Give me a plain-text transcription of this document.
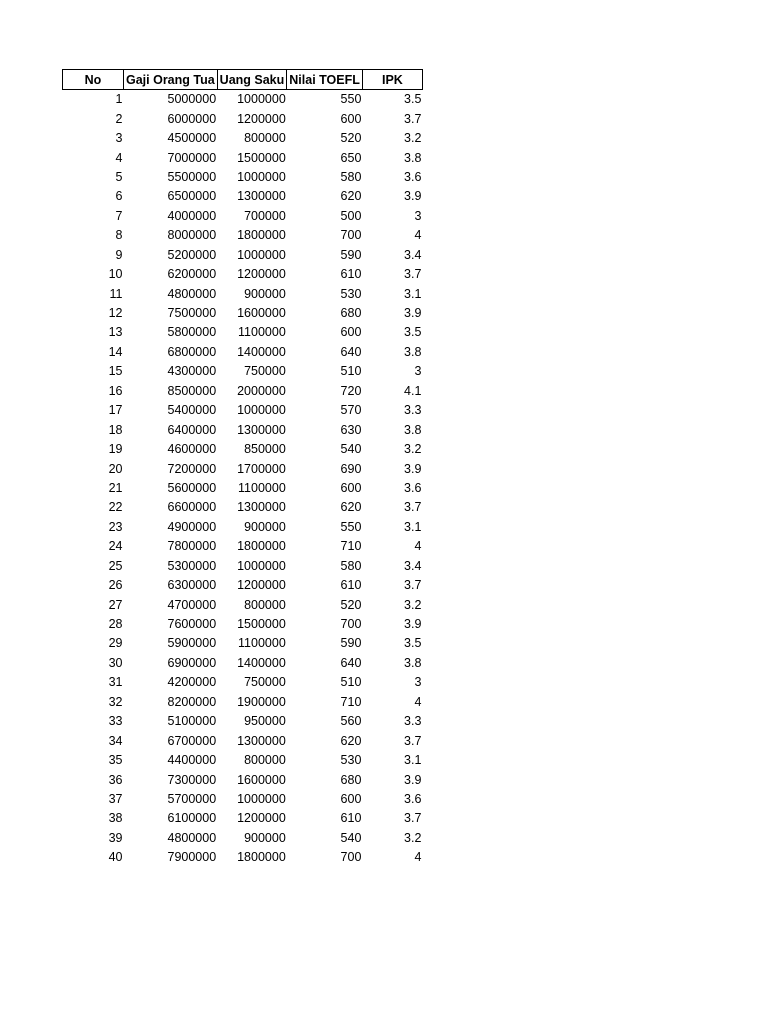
No	Gaji Orang Tua	Uang Saku	Nilai TOEFL	IPK
1	5000000	1000000	550	3.5
2	6000000	1200000	600	3.7
3	4500000	800000	520	3.2
4	7000000	1500000	650	3.8
5	5500000	1000000	580	3.6
6	6500000	1300000	620	3.9
7	4000000	700000	500	3
8	8000000	1800000	700	4
9	5200000	1000000	590	3.4
10	6200000	1200000	610	3.7
11	4800000	900000	530	3.1
12	7500000	1600000	680	3.9
13	5800000	1100000	600	3.5
14	6800000	1400000	640	3.8
15	4300000	750000	510	3
16	8500000	2000000	720	4.1
17	5400000	1000000	570	3.3
18	6400000	1300000	630	3.8
19	4600000	850000	540	3.2
20	7200000	1700000	690	3.9
21	5600000	1100000	600	3.6
22	6600000	1300000	620	3.7
23	4900000	900000	550	3.1
24	7800000	1800000	710	4
25	5300000	1000000	580	3.4
26	6300000	1200000	610	3.7
27	4700000	800000	520	3.2
28	7600000	1500000	700	3.9
29	5900000	1100000	590	3.5
30	6900000	1400000	640	3.8
31	4200000	750000	510	3
32	8200000	1900000	710	4
33	5100000	950000	560	3.3
34	6700000	1300000	620	3.7
35	4400000	800000	530	3.1
36	7300000	1600000	680	3.9
37	5700000	1000000	600	3.6
38	6100000	1200000	610	3.7
39	4800000	900000	540	3.2
40	7900000	1800000	700	4
